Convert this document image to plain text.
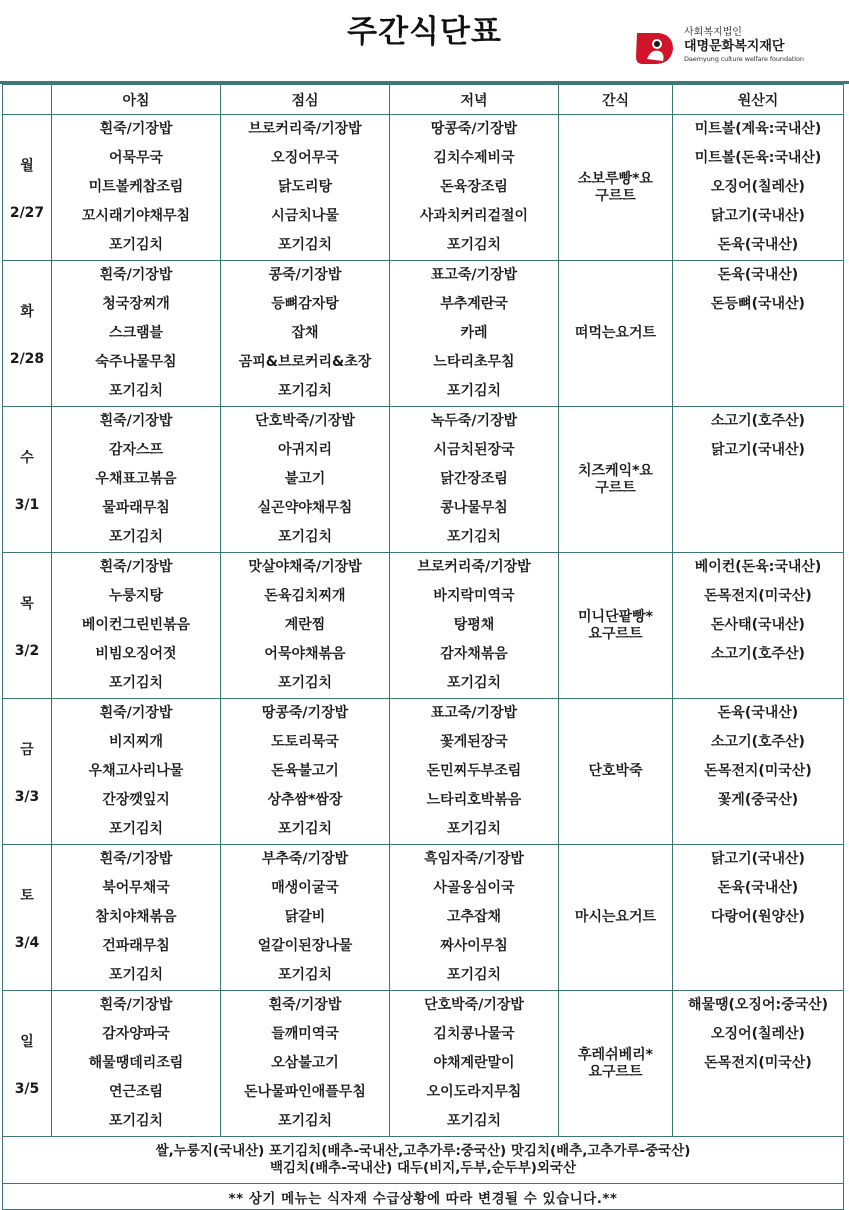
주간식단표	사회복지법인
대명문화복지재단
Daemyung culture welfare foundation
	아침	점심	저녁	간식	원산지

월
2/27	흰죽/기장밥
어묵무국
미트볼케찹조림
꼬시래기야채무침
포기김치	브로커리죽/기장밥
오징어무국
닭도리탕
시금치나물
포기김치	땅콩죽/기장밥
김치수제비국
돈육장조림
사과치커리겉절이
포기김치	소보루빵*요구르트	미트볼(계육:국내산)
미트볼(돈육:국내산)
오징어(칠레산)
닭고기(국내산)
돈육(국내산)

화
2/28	흰죽/기장밥
청국장찌개
스크램블
숙주나물무침
포기김치	콩죽/기장밥
등뼈감자탕
잡채
곰피&브로커리&초장
포기김치	표고죽/기장밥
부추계란국
카레
느타리초무침
포기김치	떠먹는요거트	돈육(국내산)
돈등뼈(국내산)

수
3/1	흰죽/기장밥
감자스프
우채표고볶음
물파래무침
포기김치	단호박죽/기장밥
아귀지리
불고기
실곤약야채무침
포기김치	녹두죽/기장밥
시금치된장국
닭간장조림
콩나물무침
포기김치	치즈케익*요구르트	소고기(호주산)
닭고기(국내산)

목
3/2	흰죽/기장밥
누룽지탕
베이컨그린빈볶음
비빔오징어젓
포기김치	맛살야채죽/기장밥
돈육김치찌개
계란찜
어묵야채볶음
포기김치	브로커리죽/기장밥
바지락미역국
탕평채
감자채볶음
포기김치	미니단팥빵*요구르트	베이컨(돈육:국내산)
돈목전지(미국산)
돈사태(국내산)
소고기(호주산)

금
3/3	흰죽/기장밥
비지찌개
우채고사리나물
간장깻잎지
포기김치	땅콩죽/기장밥
도토리묵국
돈육불고기
상추쌈*쌈장
포기김치	표고죽/기장밥
꽃게된장국
돈민찌두부조림
느타리호박볶음
포기김치	단호박죽	돈육(국내산)
소고기(호주산)
돈목전지(미국산)
꽃게(중국산)

토
3/4	흰죽/기장밥
북어무채국
참치야채볶음
건파래무침
포기김치	부추죽/기장밥
매생이굴국
닭갈비
얼갈이된장나물
포기김치	흑임자죽/기장밥
사골옹심이국
고추잡채
짜사이무침
포기김치	마시는요거트	닭고기(국내산)
돈육(국내산)
다랑어(원양산)

일
3/5	흰죽/기장밥
감자양파국
해물땡데리조림
연근조림
포기김치	흰죽/기장밥
들깨미역국
오삼불고기
돈나물파인애플무침
포기김치	단호박죽/기장밥
김치콩나물국
야채계란말이
오이도라지무침
포기김치	후레쉬베리*요구르트	해물땡(오징어:중국산)
오징어(칠레산)
돈목전지(미국산)

쌀,누룽지(국내산) 포기김치(배추-국내산,고추가루:중국산) 맛김치(배추,고추가루-중국산)
백김치(배추-국내산) 대두(비지,두부,순두부)외국산					

** 상기 메뉴는 식자재 수급상황에 따라 변경될 수 있습니다.**					
